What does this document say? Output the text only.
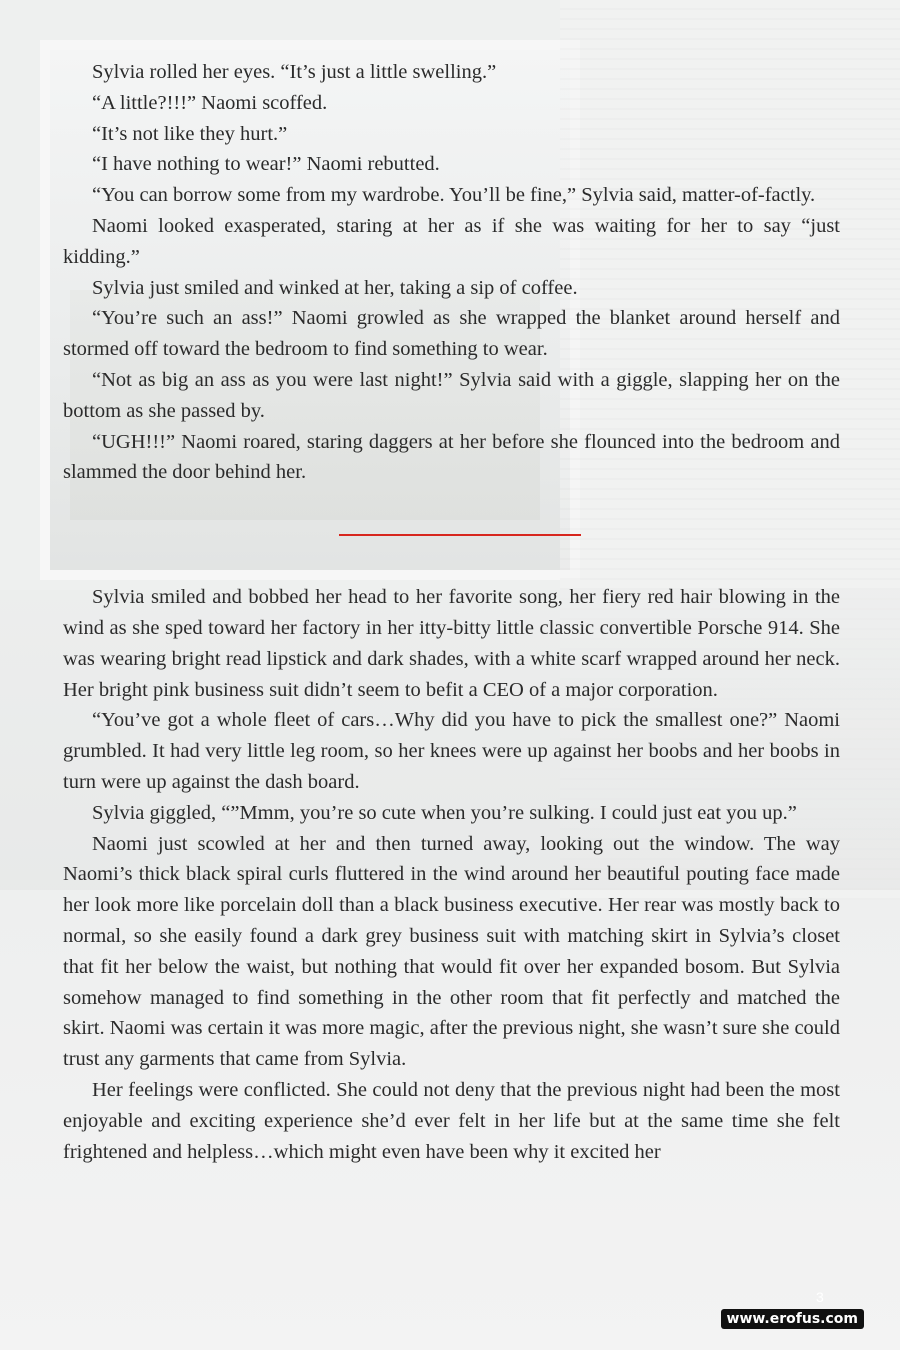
Sylvia rolled her eyes. “It’s just a little swelling.”

“A little?!!!” Naomi scoffed.

“It’s not like they hurt.”

“I have nothing to wear!” Naomi rebutted.

“You can borrow some from my wardrobe. You’ll be fine,” Sylvia said, matter-of-factly.

Naomi looked exasperated, staring at her as if she was waiting for her to say “just kidding.”

Sylvia just smiled and winked at her, taking a sip of coffee.

“You’re such an ass!” Naomi growled as she wrapped the blanket around herself and stormed off toward the bedroom to find something to wear.

“Not as big an ass as you were last night!” Sylvia said with a giggle, slapping her on the bottom as she passed by.

“UGH!!!” Naomi roared, staring daggers at her before she flounced into the bedroom and slammed the door behind her.

Sylvia smiled and bobbed her head to her favorite song, her fiery red hair blowing in the wind as she sped toward her factory in her itty-bitty little classic convertible Porsche 914. She was wearing bright read lipstick and dark shades, with a white scarf wrapped around her neck. Her bright pink business suit didn’t seem to befit a CEO of a major corporation.

“You’ve got a whole fleet of cars…Why did you have to pick the smallest one?” Naomi grumbled. It had very little leg room, so her knees were up against her boobs and her boobs in turn were up against the dash board.

Sylvia giggled, “”Mmm, you’re so cute when you’re sulking. I could just eat you up.”

Naomi just scowled at her and then turned away, looking out the window. The way Naomi’s thick black spiral curls fluttered in the wind around her beautiful pouting face made her look more like porcelain doll than a black business executive. Her rear was mostly back to normal, so she easily found a dark grey business suit with matching skirt in Sylvia’s closet that fit her below the waist, but nothing that would fit over her expanded bosom. But Sylvia somehow managed to find something in the other room that fit perfectly and matched the skirt. Naomi was certain it was more magic, after the previous night, she wasn’t sure she could trust any garments that came from Sylvia.

Her feelings were conflicted. She could not deny that the previous night had been the most enjoyable and exciting experience she’d ever felt in her life but at the same time she felt frightened and helpless…which might even have been why it excited her

3
www.erofus.com
